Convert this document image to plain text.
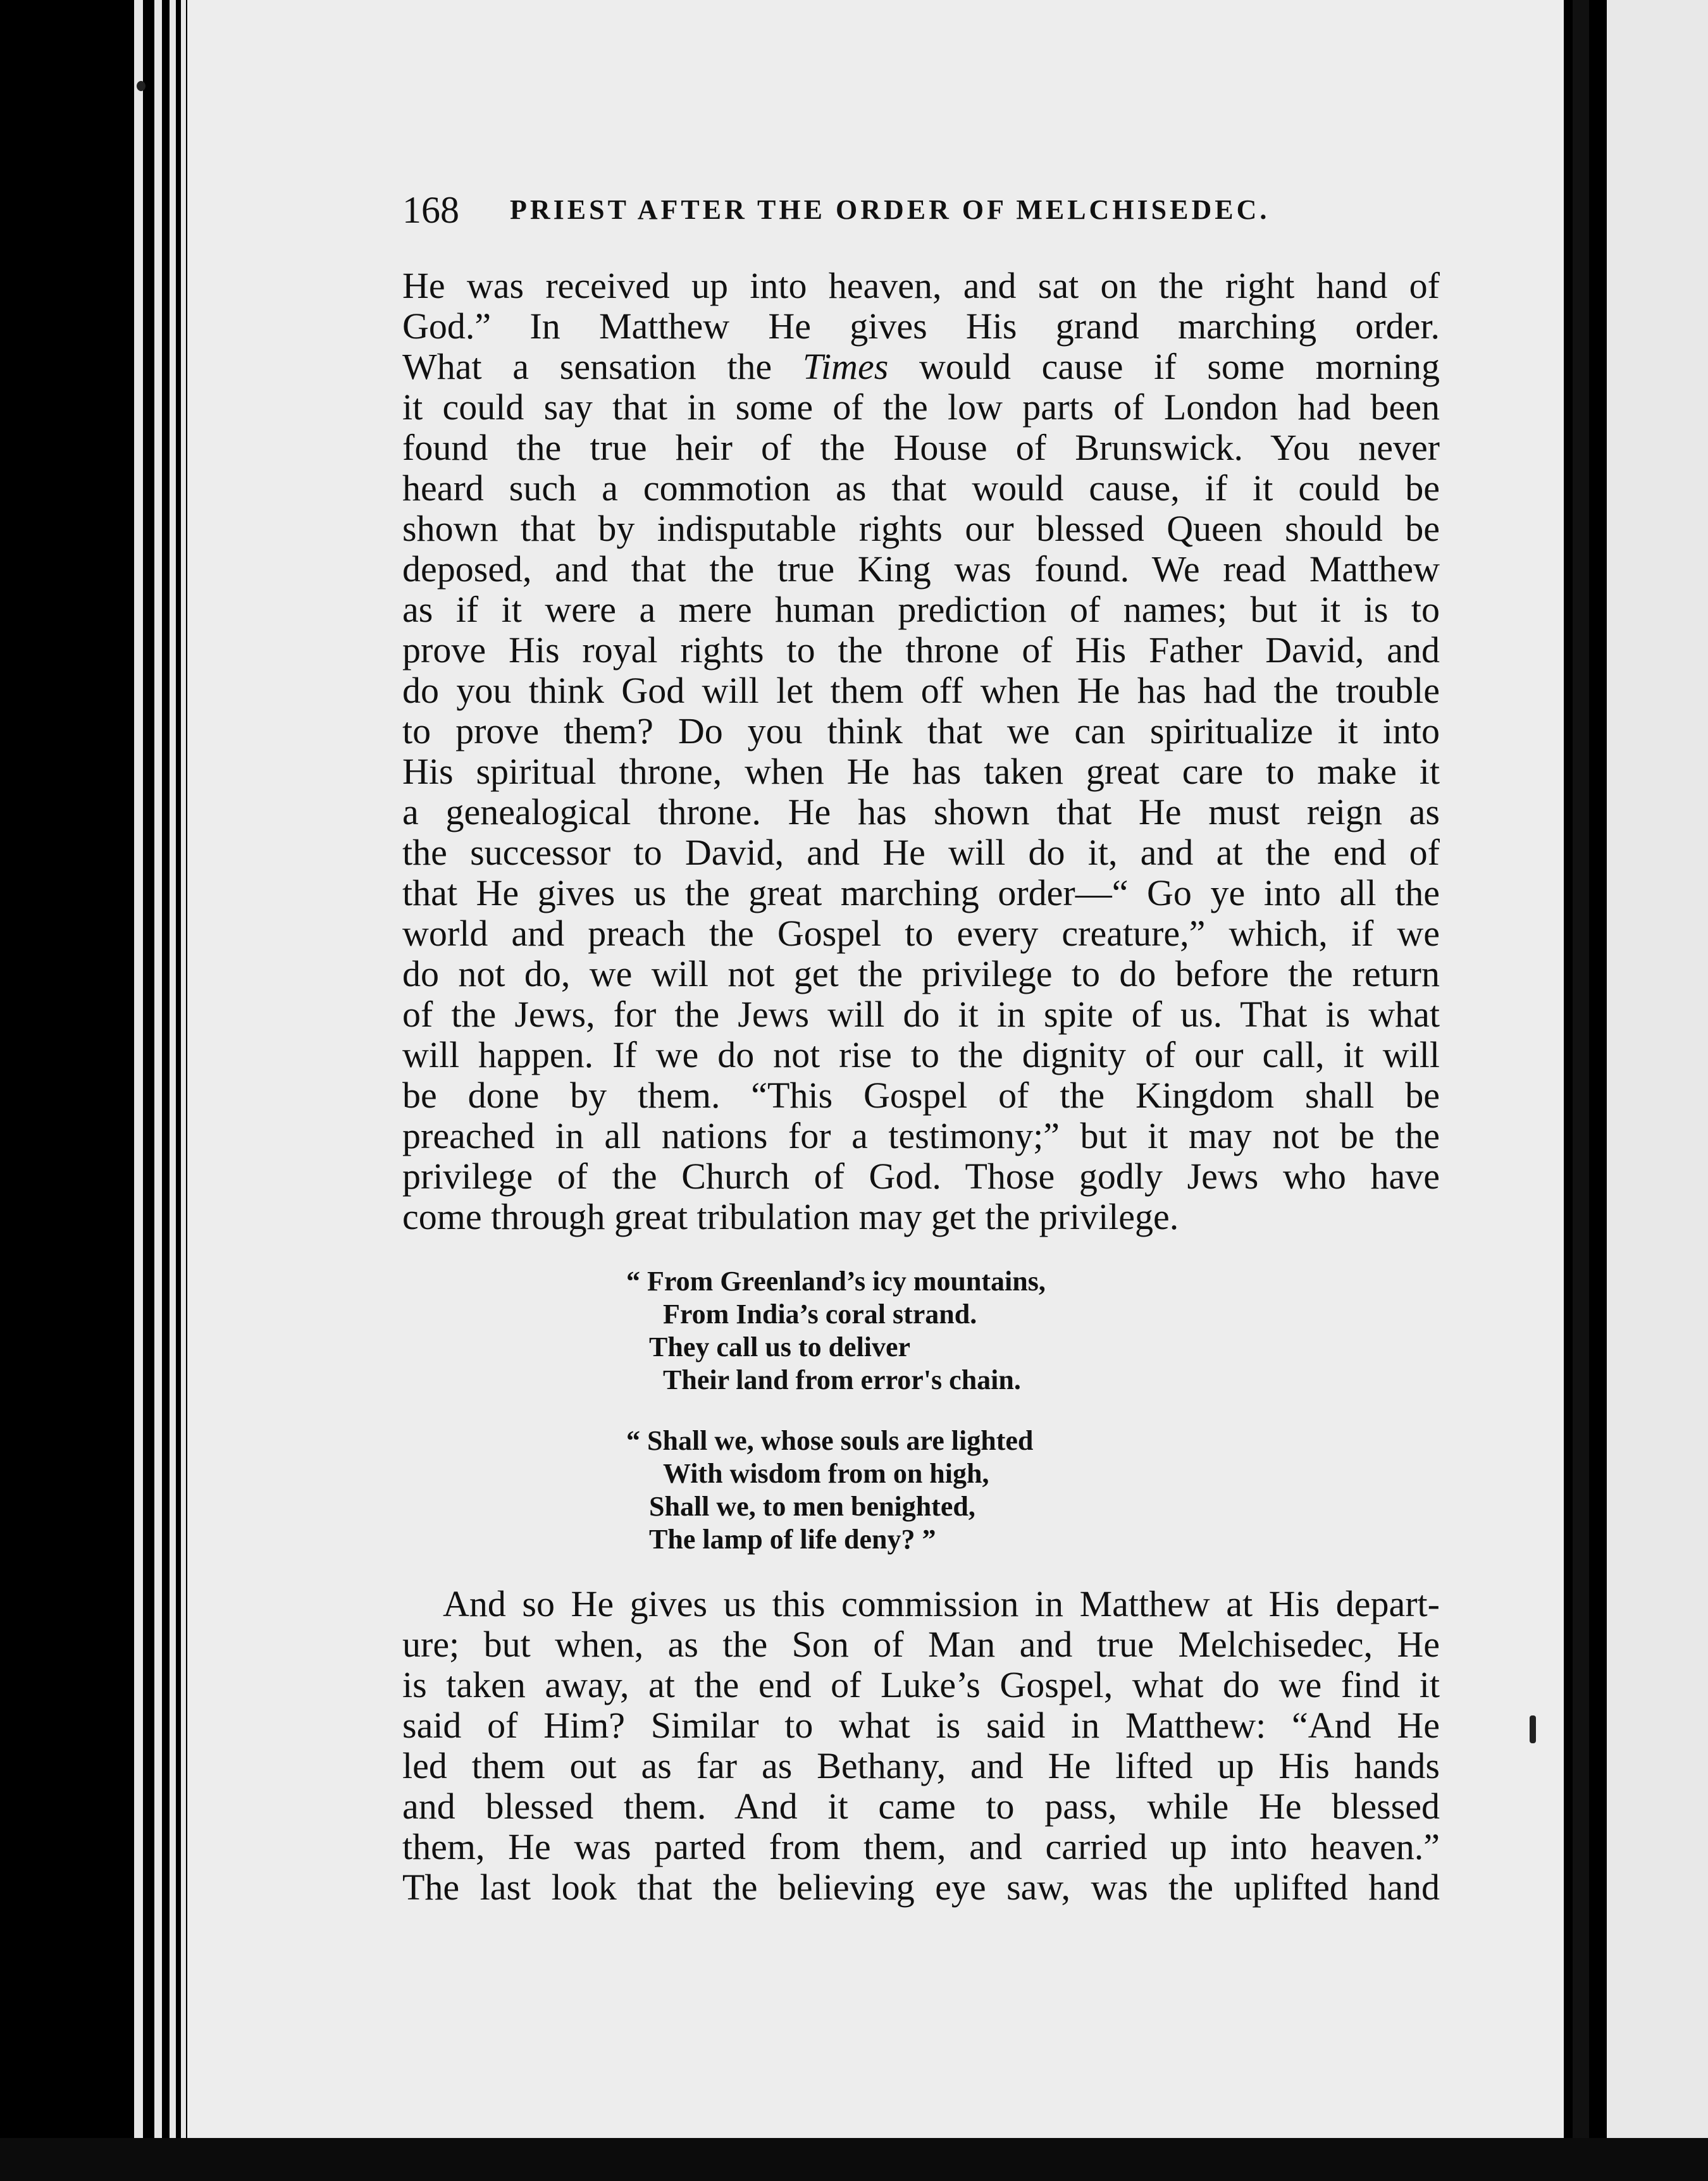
168 PRIEST AFTER THE ORDER OF MELCHISEDEC.
He was received up into heaven, and sat on the right hand of
God.” In Matthew He gives His grand marching order.
What a sensation the Times would cause if some morning
it could say that in some of the low parts of London had been
found the true heir of the House of Brunswick. You never
heard such a commotion as that would cause, if it could be
shown that by indisputable rights our blessed Queen should be
deposed, and that the true King was found. We read Matthew
as if it were a mere human prediction of names; but it is to
prove His royal rights to the throne of His Father David, and
do you think God will let them off when He has had the trouble
to prove them? Do you think that we can spiritualize it into
His spiritual throne, when He has taken great care to make it
a genealogical throne. He has shown that He must reign as
the successor to David, and He will do it, and at the end of
that He gives us the great marching order—“ Go ye into all the
world and preach the Gospel to every creature,” which, if we
do not do, we will not get the privilege to do before the return
of the Jews, for the Jews will do it in spite of us. That is what
will happen. If we do not rise to the dignity of our call, it will
be done by them. “This Gospel of the Kingdom shall be
preached in all nations for a testimony;” but it may not be the
privilege of the Church of God. Those godly Jews who have
come through great tribulation may get the privilege.
“ From Greenland’s icy mountains,
From India’s coral strand.
They call us to deliver
Their land from error's chain.
“ Shall we, whose souls are lighted
With wisdom from on high,
Shall we, to men benighted,
The lamp of life deny? ”
And so He gives us this commission in Matthew at His depart-
ure; but when, as the Son of Man and true Melchisedec, He
is taken away, at the end of Luke’s Gospel, what do we find it
said of Him? Similar to what is said in Matthew: “And He
led them out as far as Bethany, and He lifted up His hands
and blessed them. And it came to pass, while He blessed
them, He was parted from them, and carried up into heaven.”
The last look that the believing eye saw, was the uplifted hand
